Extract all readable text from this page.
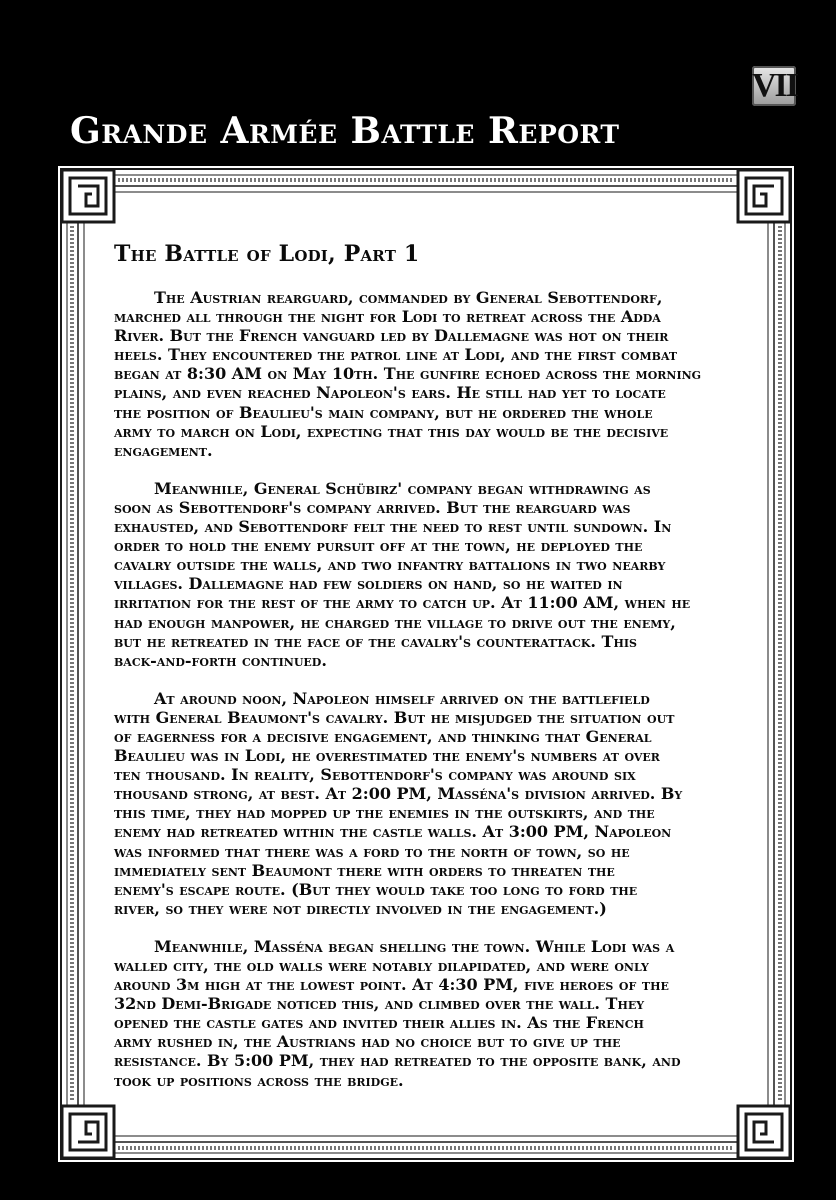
VII
Grande Armée Battle Report
The Battle of Lodi, Part 1

The Austrian rearguard, commanded by General Sebottendorf,
marched all through the night for Lodi to retreat across the Adda
River. But the French vanguard led by Dallemagne was hot on their
heels. They encountered the patrol line at Lodi, and the first combat
began at 8:30 AM on May 10th. The gunfire echoed across the morning
plains, and even reached Napoleon's ears. He still had yet to locate
the position of Beaulieu's main company, but he ordered the whole
army to march on Lodi, expecting that this day would be the decisive
engagement.

Meanwhile, General Schübirz' company began withdrawing as
soon as Sebottendorf's company arrived. But the rearguard was
exhausted, and Sebottendorf felt the need to rest until sundown. In
order to hold the enemy pursuit off at the town, he deployed the
cavalry outside the walls, and two infantry battalions in two nearby
villages. Dallemagne had few soldiers on hand, so he waited in
irritation for the rest of the army to catch up. At 11:00 AM, when he
had enough manpower, he charged the village to drive out the enemy,
but he retreated in the face of the cavalry's counterattack. This
back-and-forth continued.

At around noon, Napoleon himself arrived on the battlefield
with General Beaumont's cavalry. But he misjudged the situation out
of eagerness for a decisive engagement, and thinking that General
Beaulieu was in Lodi, he overestimated the enemy's numbers at over
ten thousand. In reality, Sebottendorf's company was around six
thousand strong, at best. At 2:00 PM, Masséna's division arrived. By
this time, they had mopped up the enemies in the outskirts, and the
enemy had retreated within the castle walls. At 3:00 PM, Napoleon
was informed that there was a ford to the north of town, so he
immediately sent Beaumont there with orders to threaten the
enemy's escape route. (But they would take too long to ford the
river, so they were not directly involved in the engagement.)

Meanwhile, Masséna began shelling the town. While Lodi was a
walled city, the old walls were notably dilapidated, and were only
around 3m high at the lowest point. At 4:30 PM, five heroes of the
32nd Demi-Brigade noticed this, and climbed over the wall. They
opened the castle gates and invited their allies in. As the French
army rushed in, the Austrians had no choice but to give up the
resistance. By 5:00 PM, they had retreated to the opposite bank, and
took up positions across the bridge.
